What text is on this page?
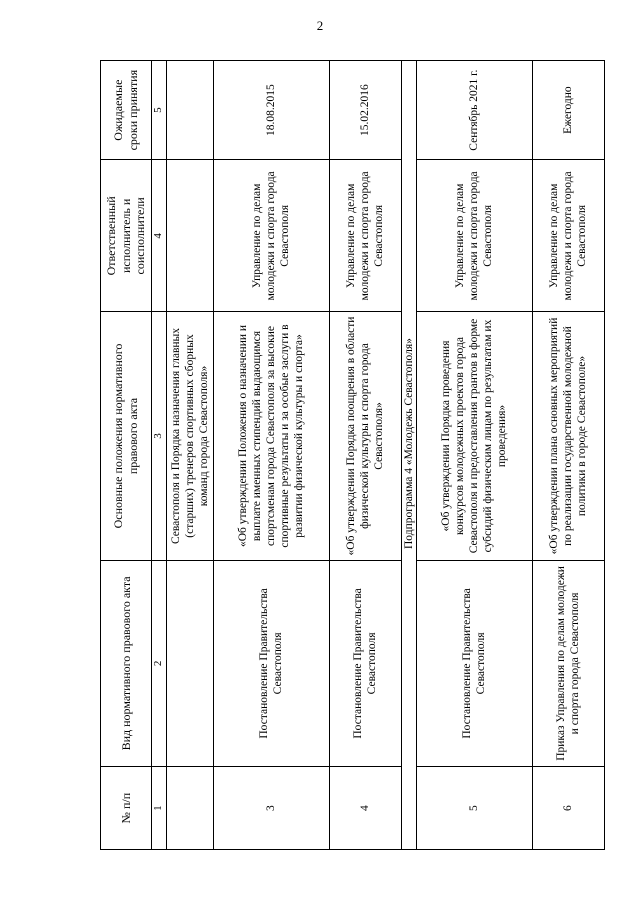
2
№ п/п	Вид нормативного правового акта	Основные положения нормативного правового акта	Ответственный исполнитель и соисполнители	Ожидаемые сроки принятия
1	2	3	4	5
		Севастополя и Порядка назначения главных (старших) тренеров спортивных сборных команд города Севастополя»		
3	Постановление Правительства Севастополя	«Об утверждении Положения о назначении и выплате именных стипендий выдающимся спортсменам города Севастополя за высокие спортивные результаты и за особые заслуги в развитии физической культуры и спорта»	Управление по делам молодежи и спорта города Севастополя	18.08.2015
4	Постановление Правительства Севастополя	«Об утверждении Порядка поощрения в области физической культуры и спорта города Севастополя»	Управление по делам молодежи и спорта города Севастополя	15.02.2016
Подпрограмма 4 «Молодежь Севастополя»				
5	Постановление Правительства Севастополя	«Об утверждении Порядка проведения конкурсов молодежных проектов города Севастополя и предоставления грантов в форме субсидий физическим лицам по результатам их проведения»	Управление по делам молодежи и спорта города Севастополя	Сентябрь 2021 г.
6	Приказ Управления по делам молодежи и спорта города Севастополя	«Об утверждении плана основных мероприятий по реализации государственной молодежной политики в городе Севастополе»	Управление по делам молодежи и спорта города Севастополя	Ежегодно
